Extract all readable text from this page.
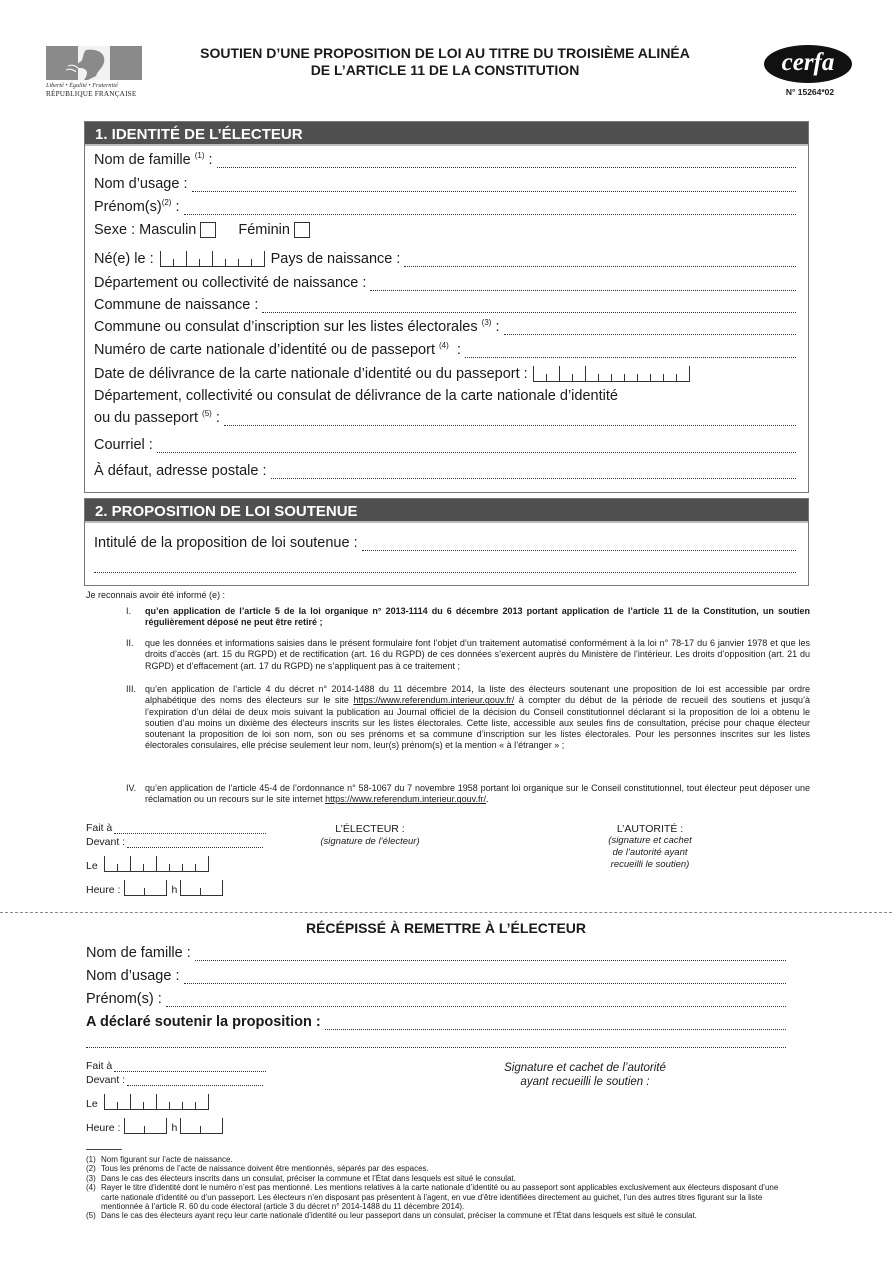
Liberté • Égalité • Fraternité
RÉPUBLIQUE FRANÇAISE
SOUTIEN D’UNE PROPOSITION DE LOI AU TITRE DU TROISIÈME ALINÉA
DE L’ARTICLE 11 DE LA CONSTITUTION	cerfa
N° 15264*02
1. IDENTITÉ DE L’ÉLECTEUR
Nom de famille $^{(1)}$ :
Nom d’usage :
$Prénom(s)^{(2)}$ :
Sexe : Masculin	Féminin
Né(e) le :	Pays de naissance :
Département ou collectivité de naissance :
Commune de naissance :
Commune ou consulat d’inscription sur les listes électorales $^{(3)}$ :
Numéro de carte nationale d’identité ou de passeport $^{(4)}$  :
Date de délivrance de la carte nationale d’identité ou du passeport :
Département, collectivité ou consulat de délivrance de la carte nationale d’identité
ou du passeport $^{(5)}$ :
Courriel :
À défaut, adresse postale :
2. PROPOSITION DE LOI SOUTENUE
Intitulé de la proposition de loi soutenue :
Je reconnais avoir été informé (e) :
I.	qu’en application de l’article 5 de la loi organique n° 2013-1114 du 6 décembre 2013 portant application de l’article 11 de la Constitution, un soutien régulièrement déposé ne peut être retiré ;
II.	que les données et informations saisies dans le présent formulaire font l’objet d’un traitement automatisé conformément à la loi n° 78-17 du 6 janvier 1978 et que les droits d’accès (art. 15 du RGPD) et de rectification (art. 16 du RGPD) de ces données s’exercent auprès du Ministère de l’intérieur. Les droits d’opposition (art. 21 du RGPD) et d’effacement (art. 17 du RGPD) ne s’appliquent pas à ce traitement ;
III. qu’en application de l’article 4 du décret n° 2014-1488 du 11 décembre 2014, la liste des électeurs soutenant une proposition de loi est accessible par ordre alphabétique des noms des électeurs sur le site https://www.referendum.interieur.gouv.fr/ à compter du début de la période de recueil des soutiens et jusqu’à l’expiration d’un délai de deux mois suivant la publication au Journal officiel de la décision du Conseil constitutionnel déclarant si la proposition de loi a obtenu le soutien d’au moins un dixième des électeurs inscrits sur les listes électorales. Cette liste, accessible aux seules fins de consultation, précise pour chaque électeur soutenant la proposition de loi son nom, son ou ses prénoms et sa commune d’inscription sur les listes électorales. Pour les personnes inscrites sur les listes électorales consulaires, elle précise seulement leur nom, leur(s) prénom(s) et la mention « à l’étranger » ;
IV. qu’en application de l’article 45-4 de l’ordonnance n° 58-1067 du 7 novembre 1958 portant loi organique sur le Conseil constitutionnel, tout électeur peut déposer une réclamation ou un recours sur le site internet https://www.referendum.interieur.gouv.fr/.
Fait à
Devant :
Le
Heure :	h
L’ÉLECTEUR :
(signature de l’électeur)
L’AUTORITÉ :
(signature et cachet
de l’autorité ayant
recueilli le soutien)
RÉCÉPISSÉ À REMETTRE À L’ÉLECTEUR
Nom de famille :
Nom d’usage :
Prénom(s) :
A déclaré soutenir la proposition :
Fait à
Devant :
Le
Heure :	h
Signature et cachet de l’autorité
ayant recueilli le soutien :
(1) Nom figurant sur l’acte de naissance.
(2) Tous les prénoms de l’acte de naissance doivent être mentionnés, séparés par des espaces.
(3) Dans le cas des électeurs inscrits dans un consulat, préciser la commune et l’État dans lesquels est situé le consulat.
(4) Rayer le titre d’identité dont le numéro n’est pas mentionné. Les mentions relatives à la carte nationale d’identité ou au passeport sont applicables exclusivement aux électeurs disposant d’une carte nationale d’identité ou d’un passeport. Les électeurs n’en disposant pas présentent à l’agent, en vue d’être identifiées directement au guichet, l’un des autres titres figurant sur la liste mentionnée à l’article R. 60 du code électoral (article 3 du décret n° 2014-1488 du 11 décembre 2014).
(5) Dans le cas des électeurs ayant reçu leur carte nationale d’identité ou leur passeport dans un consulat, préciser la commune et l’État dans lesquels est situé le consulat.
